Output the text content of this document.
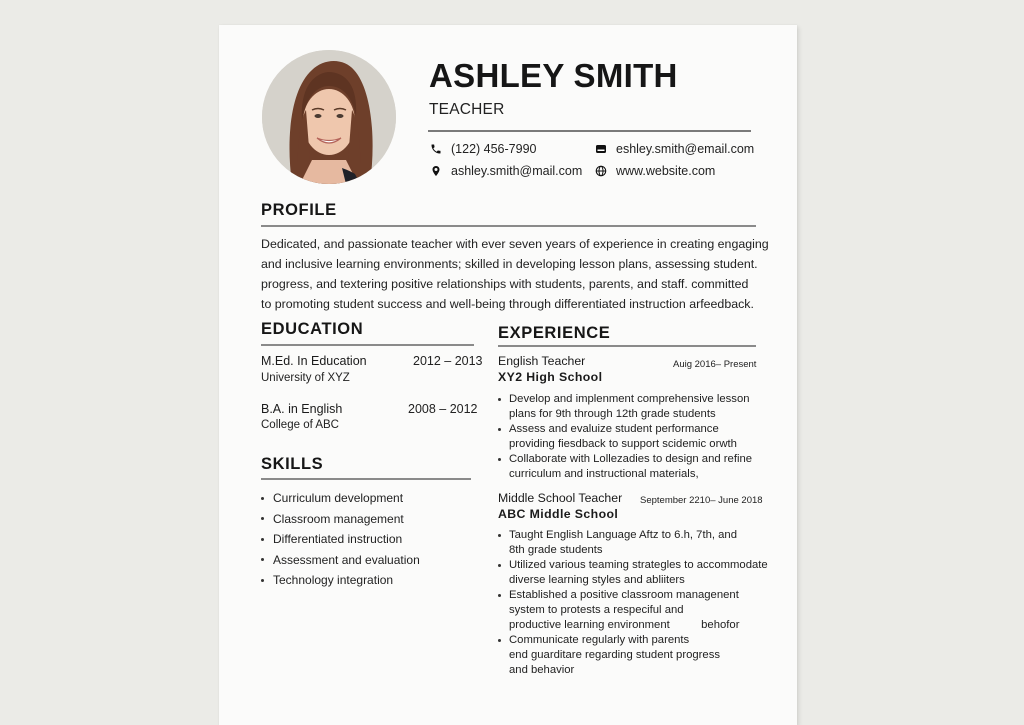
ASHLEY SMITH
TEACHER
(122) 456-7990	eshley.smith@email.com
ashley.smith@mail.com	www.website.com
PROFILE
Dedicated, and passionate teacher with ever seven years of experience in creating engaging
and inclusive learning environments; skilled in developing lesson plans, assessing student.
progress, and textering positive relationships with students, parents, and staff. committed
to promoting student success and well-being through differentiated instruction arfeedback.
EDUCATION
M.Ed. In Education	2012 – 2013
University of XYZ
B.A. in English	2008 – 2012
College of ABC
SKILLS
Curriculum development
Classroom management
Differentiated instruction
Assessment and evaluation
Technology integration
EXPERIENCE
English Teacher	Auig 2016– Present
XY2 High School
Develop and implenment comprehensive lesson
plans for 9th through 12th grade students
Assess and evaluize student performance
providing fiesdback to support scidemic orwth
Collaborate with Lollezadies to design and refine
curriculum and instructional materials,
Middle School Teacher September 2210– June 2018
ABC Middle School
Taught English Language Aftz to 6.h, 7th, and
8th grade students
Utilized various teaming strategles to accommodate
diverse learning styles and abliiters
Established a positive classroom managenent
system to protests a respeciful and
productive learning environment          behofor
Communicate regularly with parents
end guarditare regarding student progress
and behavior
